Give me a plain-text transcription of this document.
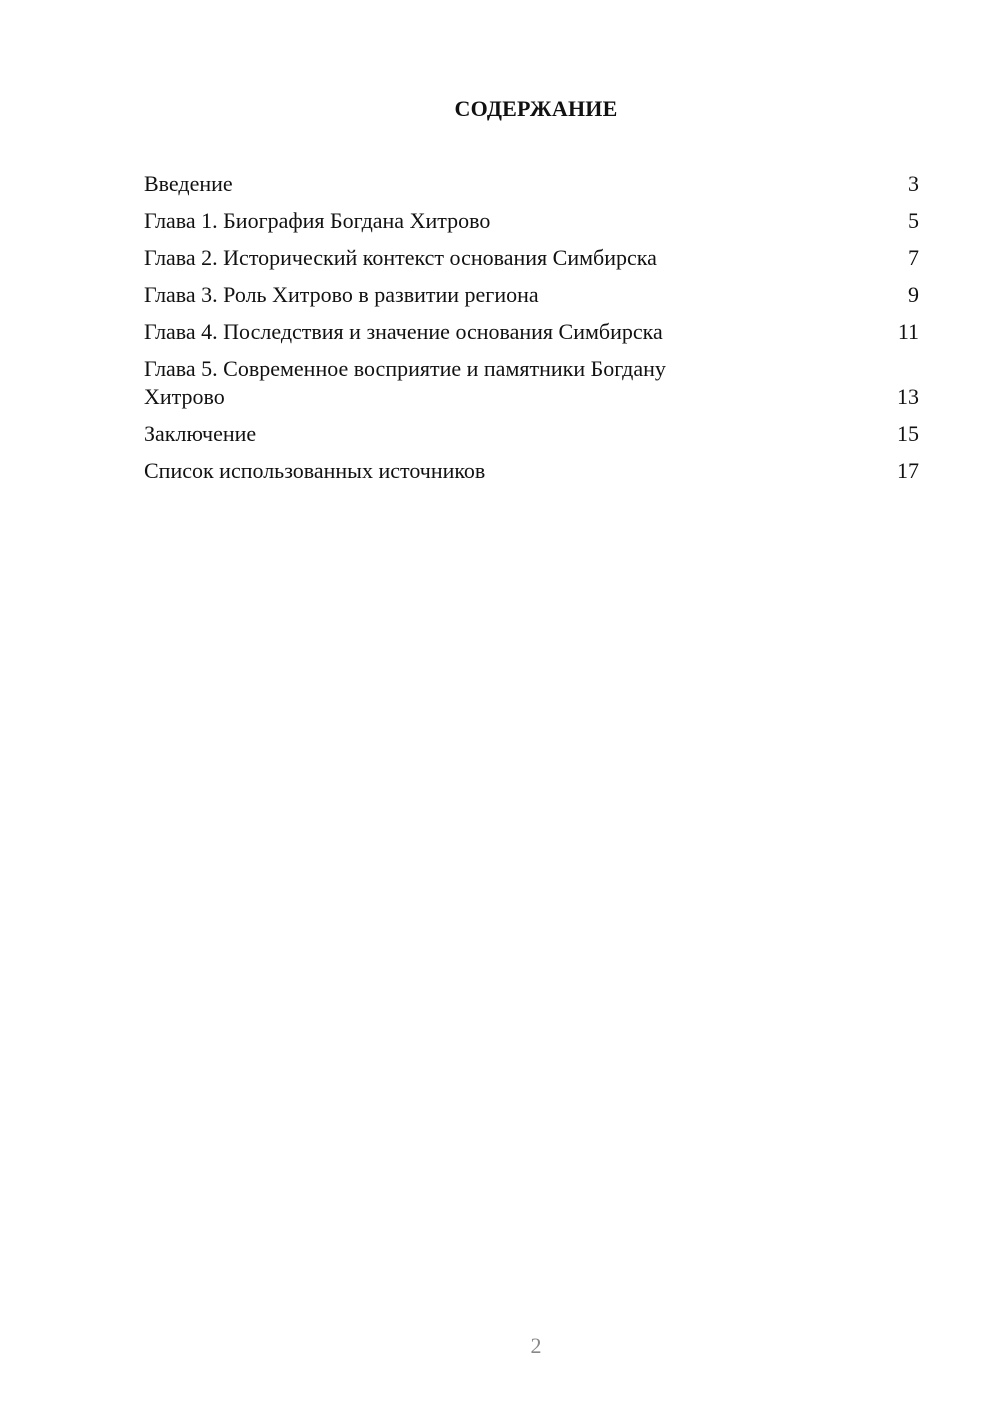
СОДЕРЖАНИЕ
Введение	3
Глава 1. Биография Богдана Хитрово	5
Глава 2. Исторический контекст основания Симбирска	7
Глава 3. Роль Хитрово в развитии региона	9
Глава 4. Последствия и значение основания Симбирска	11
Глава 5. Современное восприятие и памятники Богдану Хитрово	13
Заключение	15
Список использованных источников	17
2
